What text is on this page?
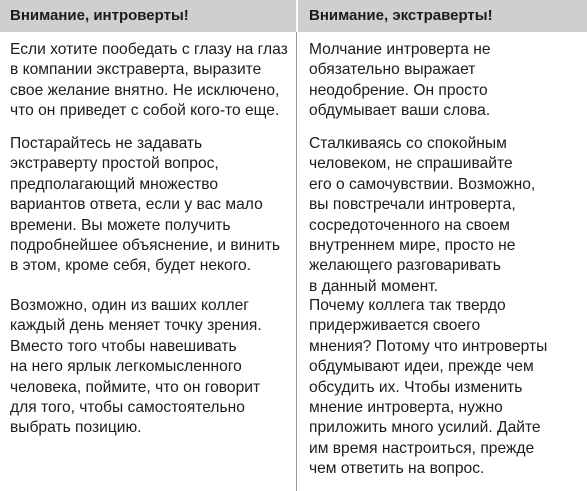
Внимание, интроверты!	Внимание, экстраверты!
Если хотите пообедать с глазу на глаз
в компании экстраверта, выразите
свое желание внятно. Не исключено,
что он приведет с собой кого-то еще.
Молчание интроверта не
обязательно выражает
неодобрение. Он просто
обдумывает ваши слова.
Постарайтесь не задавать
экстраверту простой вопрос,
предполагающий множество
вариантов ответа, если у вас мало
времени. Вы можете получить
подробнейшее объяснение, и винить
в этом, кроме себя, будет некого.
Сталкиваясь со спокойным
человеком, не спрашивайте
его о самочувствии. Возможно,
вы повстречали интроверта,
сосредоточенного на своем
внутреннем мире, просто не
желающего разговаривать
в данный момент.
Возможно, один из ваших коллег
каждый день меняет точку зрения.
Вместо того чтобы навешивать
на него ярлык легкомысленного
человека, поймите, что он говорит
для того, чтобы самостоятельно
выбрать позицию.
Почему коллега так твердо
придерживается своего
мнения? Потому что интроверты
обдумывают идеи, прежде чем
обсудить их. Чтобы изменить
мнение интроверта, нужно
приложить много усилий. Дайте
им время настроиться, прежде
чем ответить на вопрос.
